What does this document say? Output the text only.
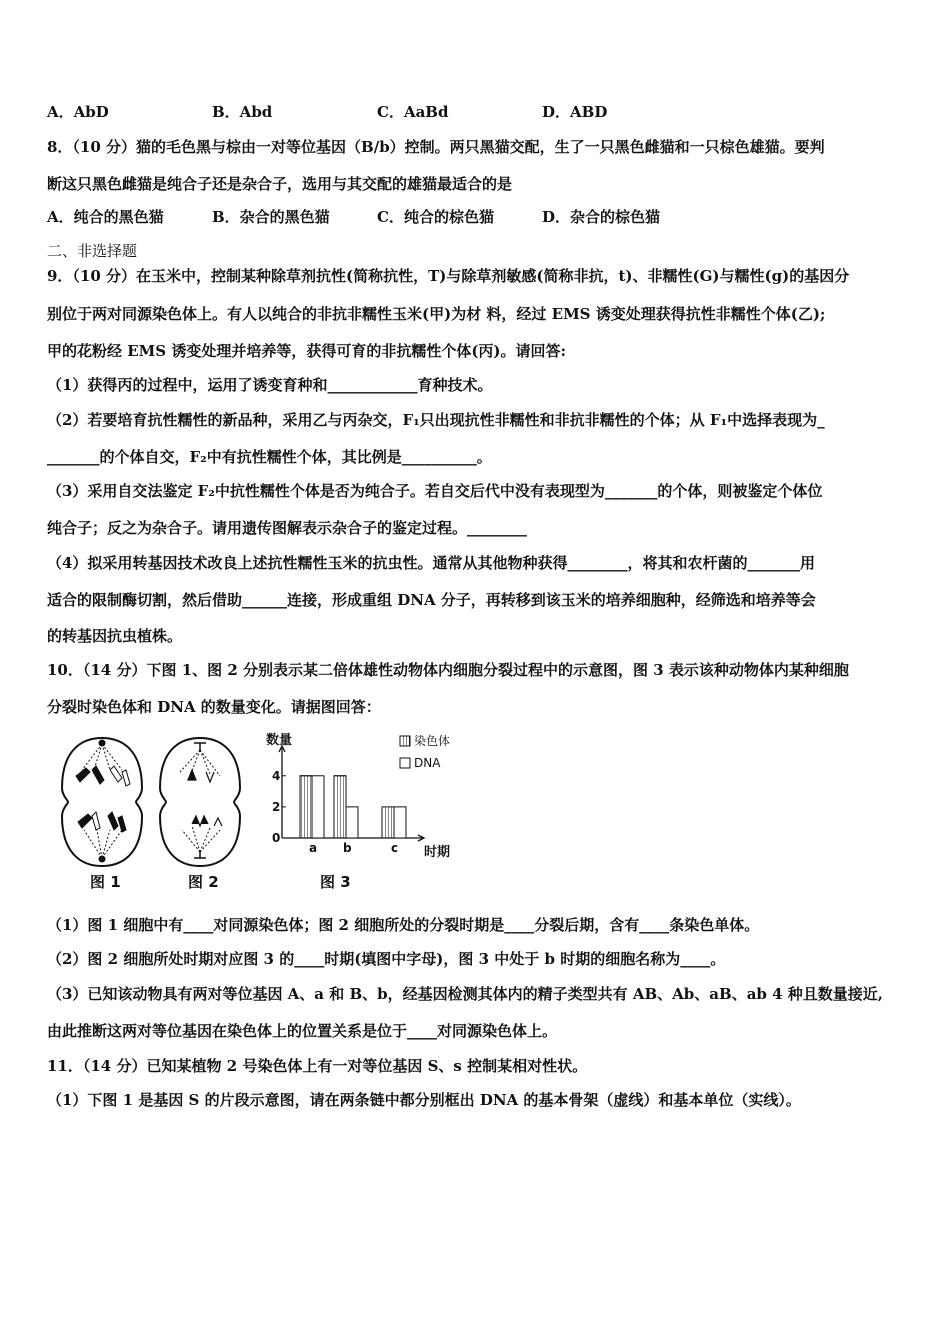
A．AbD	B．Abd	C．AaBd	D．ABD
8．（10 分）猫的毛色黑与棕由一对等位基因（B/b）控制。两只黑猫交配，生了一只黑色雌猫和一只棕色雄猫。要判
断这只黑色雌猫是纯合子还是杂合子，选用与其交配的雄猫最适合的是
A．纯合的黑色猫	B．杂合的黑色猫	C．纯合的棕色猫	D．杂合的棕色猫
二、非选择题
9．（10 分）在玉米中，控制某种除草剂抗性(简称抗性，T)与除草剂敏感(简称非抗，t)、非糯性(G)与糯性(g)的基因分
别位于两对同源染色体上。有人以纯合的非抗非糯性玉米(甲)为材 料，经过 EMS 诱变处理获得抗性非糯性个体(乙);
甲的花粉经 EMS 诱变处理并培养等，获得可育的非抗糯性个体(丙)。请回答:
（1）获得丙的过程中，运用了诱变育种和____________育种技术。
（2）若要培育抗性糯性的新品种，采用乙与丙杂交，F₁只出现抗性非糯性和非抗非糯性的个体；从 F₁中选择表现为_
_______的个体自交，F₂中有抗性糯性个体，其比例是__________。
（3）采用自交法鉴定 F₂中抗性糯性个体是否为纯合子。若自交后代中没有表现型为_______的个体，则被鉴定个体位
纯合子；反之为杂合子。请用遗传图解表示杂合子的鉴定过程。________
（4）拟采用转基因技术改良上述抗性糯性玉米的抗虫性。通常从其他物种获得________，将其和农杆菌的_______用
适合的限制酶切割，然后借助______连接，形成重组 DNA 分子，再转移到该玉米的培养细胞种，经筛选和培养等会
的转基因抗虫植株。
10．（14 分）下图 1、图 2 分别表示某二倍体雄性动物体内细胞分裂过程中的示意图，图 3 表示该种动物体内某种细胞
分裂时染色体和 DNA 的数量变化。请据图回答：
数量
时期
染色体
DNA
0
2
4
a b	c
图 1	图 2	图 3
（1）图 1 细胞中有____对同源染色体；图 2 细胞所处的分裂时期是____分裂后期，含有____条染色单体。
（2）图 2 细胞所处时期对应图 3 的____时期(填图中字母)，图 3 中处于 b 时期的细胞名称为____。
（3）已知该动物具有两对等位基因 A、a 和 B、b，经基因检测其体内的精子类型共有 AB、Ab、aB、ab 4 种且数量接近,
由此推断这两对等位基因在染色体上的位置关系是位于____对同源染色体上。
11．（14 分）已知某植物 2 号染色体上有一对等位基因 S、s 控制某相对性状。
（1）下图 1 是基因 S 的片段示意图，请在两条链中都分别框出 DNA 的基本骨架（虚线）和基本单位（实线）。
